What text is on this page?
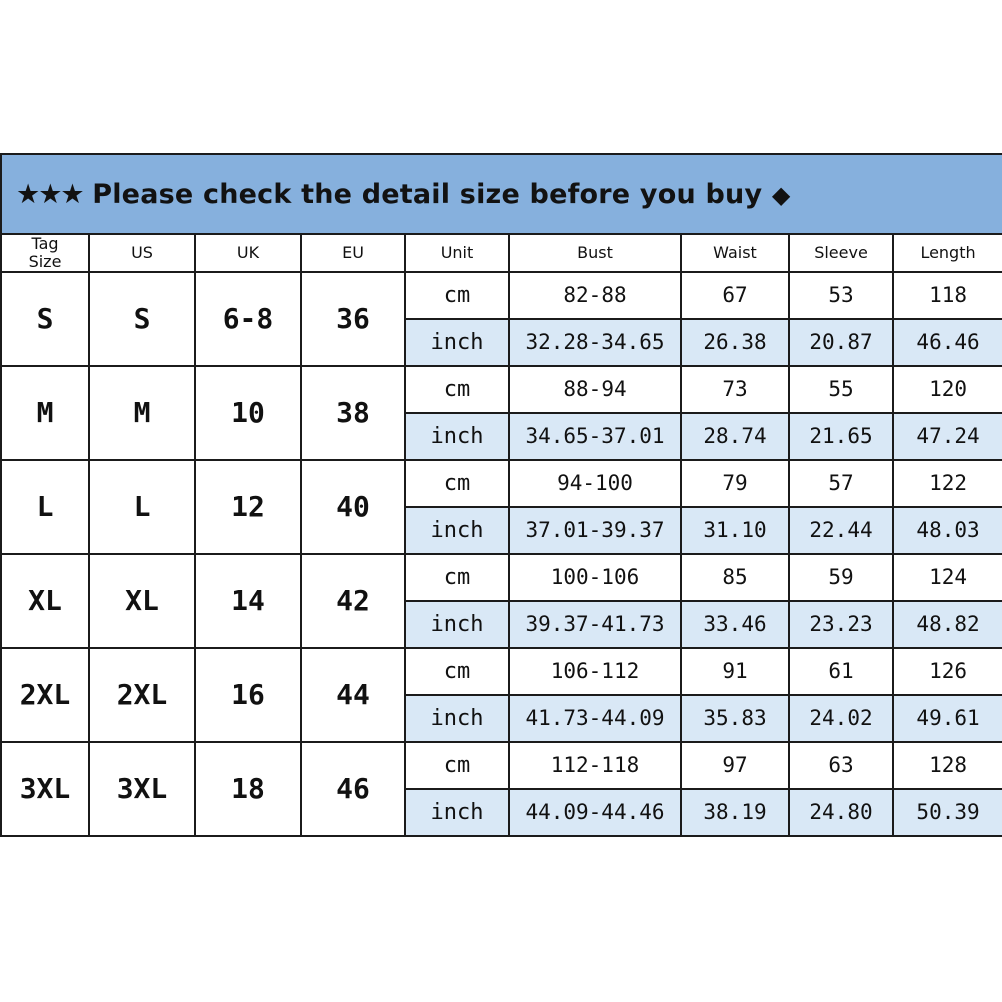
★★★ Please check the detail size before you buy ◆								

Tag
Size	US	UK	EU	Unit	Bust	Waist	Sleeve	Length
S	S	6-8	36	cm	82-88	67	53	118
				inch	32.28-34.65	26.38	20.87	46.46
M	M	10	38	cm	88-94	73	55	120
				inch	34.65-37.01	28.74	21.65	47.24
L	L	12	40	cm	94-100	79	57	122
				inch	37.01-39.37	31.10	22.44	48.03
XL	XL	14	42	cm	100-106	85	59	124
				inch	39.37-41.73	33.46	23.23	48.82
2XL	2XL	16	44	cm	106-112	91	61	126
				inch	41.73-44.09	35.83	24.02	49.61
3XL	3XL	18	46	cm	112-118	97	63	128
				inch	44.09-44.46	38.19	24.80	50.39
